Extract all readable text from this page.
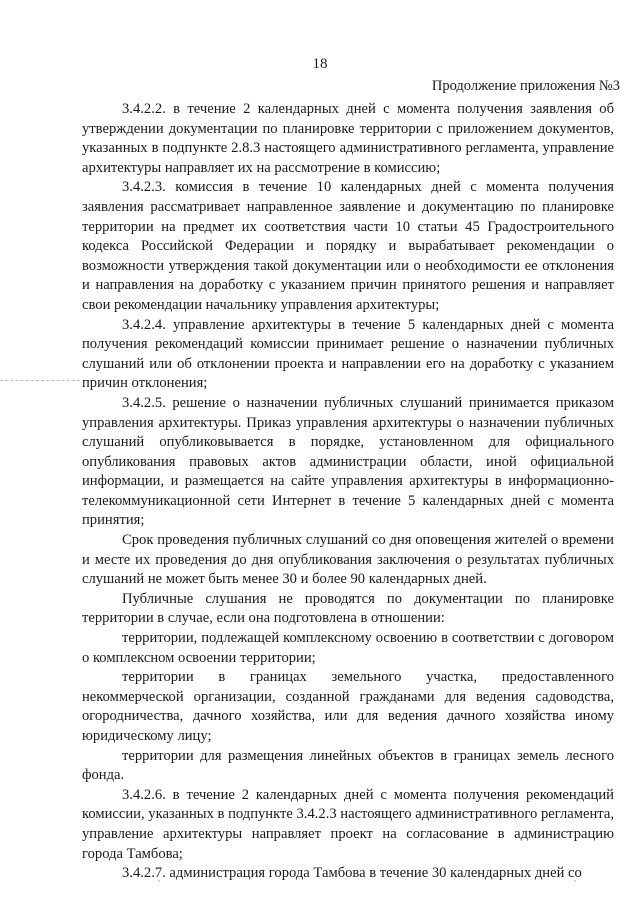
18
Продолжение приложения №3

3.4.2.2. в течение 2 календарных дней с момента получения заявления об утверждении документации по планировке территории с приложением документов, указанных в подпункте 2.8.3 настоящего административного регламента, управление архитектуры направляет их на рассмотрение в комиссию;

3.4.2.3. комиссия в течение 10 календарных дней с момента получения заявления рассматривает направленное заявление и документацию по планировке территории на предмет их соответствия части 10 статьи 45 Градостроительного кодекса Российской Федерации и порядку и вырабатывает рекомендации о возможности утверждения такой документации или о необходимости ее отклонения и направления на доработку с указанием причин принятого решения и направляет свои рекомендации начальнику управления архитектуры;

3.4.2.4. управление архитектуры в течение 5 календарных дней с момента получения рекомендаций комиссии принимает решение о назначении публичных слушаний или об отклонении проекта и направлении его на доработку с указанием причин отклонения;

3.4.2.5. решение о назначении публичных слушаний принимается приказом управления архитектуры. Приказ управления архитектуры о назначении публичных слушаний опубликовывается в порядке, установленном для официального опубликования правовых актов администрации области, иной официальной информации, и размещается на сайте управления архитектуры в информационно-телекоммуникационной сети Интернет в течение 5 календарных дней с момента принятия;

Срок проведения публичных слушаний со дня оповещения жителей о времени и месте их проведения до дня опубликования заключения о результатах публичных слушаний не может быть менее 30 и более 90 календарных дней.

Публичные слушания не проводятся по документации по планировке территории в случае, если она подготовлена в отношении:

территории, подлежащей комплексному освоению в соответствии с договором о комплексном освоении территории;

территории в границах земельного участка, предоставленного некоммерческой организации, созданной гражданами для ведения садоводства, огородничества, дачного хозяйства, или для ведения дачного хозяйства иному юридическому лицу;

территории для размещения линейных объектов в границах земель лесного фонда.

3.4.2.6. в течение 2 календарных дней с момента получения рекомендаций комиссии, указанных в подпункте 3.4.2.3 настоящего административного регламента, управление архитектуры направляет проект на согласование в администрацию города Тамбова;

3.4.2.7. администрация города Тамбова в течение 30 календарных дней со
